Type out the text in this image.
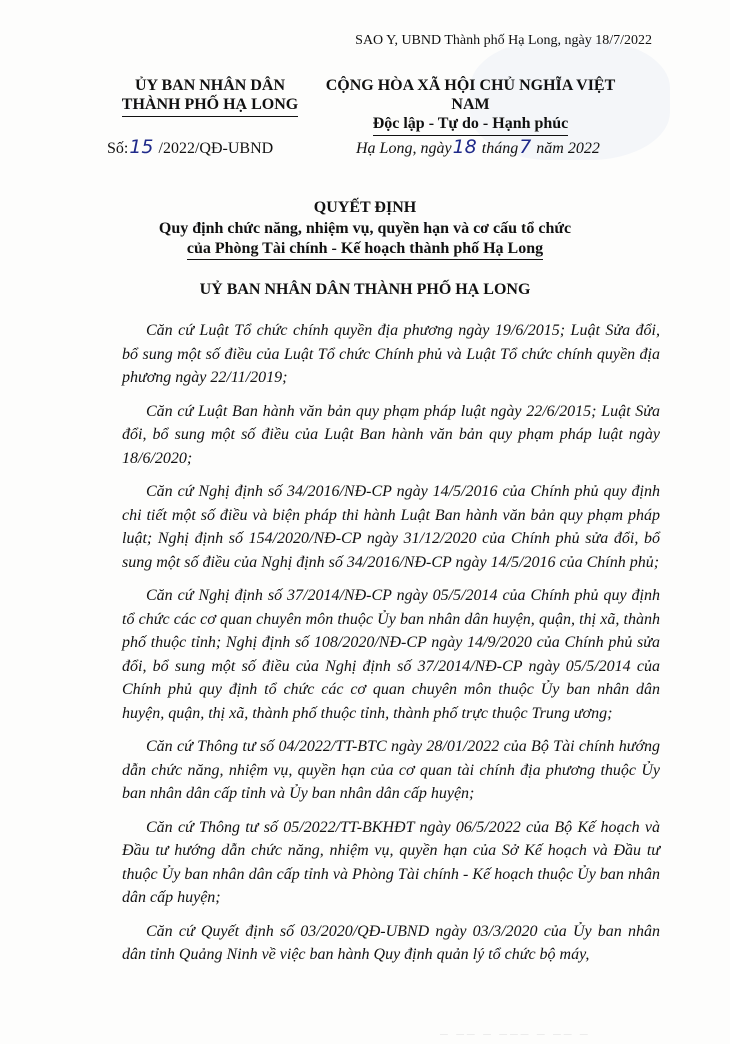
SAO Y, UBND Thành phố Hạ Long, ngày 18/7/2022
ỦY BAN NHÂN DÂN
THÀNH PHỐ HẠ LONG
CỘNG HÒA XÃ HỘI CHỦ NGHĨA VIỆT NAM
Độc lập - Tự do - Hạnh phúc
Số:15 /2022/QĐ-UBND	Hạ Long, ngày18 tháng7 năm 2022
QUYẾT ĐỊNH
Quy định chức năng, nhiệm vụ, quyền hạn và cơ cấu tổ chức
của Phòng Tài chính - Kế hoạch thành phố Hạ Long
UỶ BAN NHÂN DÂN THÀNH PHỐ HẠ LONG

Căn cứ Luật Tổ chức chính quyền địa phương ngày 19/6/2015; Luật Sửa đổi, bổ sung một số điều của Luật Tổ chức Chính phủ và Luật Tổ chức chính quyền địa phương ngày 22/11/2019;

Căn cứ Luật Ban hành văn bản quy phạm pháp luật ngày 22/6/2015; Luật Sửa đổi, bổ sung một số điều của Luật Ban hành văn bản quy phạm pháp luật ngày 18/6/2020;

Căn cứ Nghị định số 34/2016/NĐ-CP ngày 14/5/2016 của Chính phủ quy định chi tiết một số điều và biện pháp thi hành Luật Ban hành văn bản quy phạm pháp luật; Nghị định số 154/2020/NĐ-CP ngày 31/12/2020 của Chính phủ sửa đổi, bổ sung một số điều của Nghị định số 34/2016/NĐ-CP ngày 14/5/2016 của Chính phủ;

Căn cứ Nghị định số 37/2014/NĐ-CP ngày 05/5/2014 của Chính phủ quy định tổ chức các cơ quan chuyên môn thuộc Ủy ban nhân dân huyện, quận, thị xã, thành phố thuộc tỉnh; Nghị định số 108/2020/NĐ-CP ngày 14/9/2020 của Chính phủ sửa đổi, bổ sung một số điều của Nghị định số 37/2014/NĐ-CP ngày 05/5/2014 của Chính phủ quy định tổ chức các cơ quan chuyên môn thuộc Ủy ban nhân dân huyện, quận, thị xã, thành phố thuộc tỉnh, thành phố trực thuộc Trung ương;

Căn cứ Thông tư số 04/2022/TT-BTC ngày 28/01/2022 của Bộ Tài chính hướng dẫn chức năng, nhiệm vụ, quyền hạn của cơ quan tài chính địa phương thuộc Ủy ban nhân dân cấp tỉnh và Ủy ban nhân dân cấp huyện;

Căn cứ Thông tư số 05/2022/TT-BKHĐT ngày 06/5/2022 của Bộ Kế hoạch và Đầu tư hướng dẫn chức năng, nhiệm vụ, quyền hạn của Sở Kế hoạch và Đầu tư thuộc Ủy ban nhân dân cấp tỉnh và Phòng Tài chính - Kế hoạch thuộc Ủy ban nhân dân cấp huyện;

Căn cứ Quyết định số 03/2020/QĐ-UBND ngày 03/3/2020 của Ủy ban nhân dân tỉnh Quảng Ninh về việc ban hành Quy định quản lý tổ chức bộ máy,

▔ ▔▔ ▔ ▔▔▔ ▔ ▔▔ ▔
